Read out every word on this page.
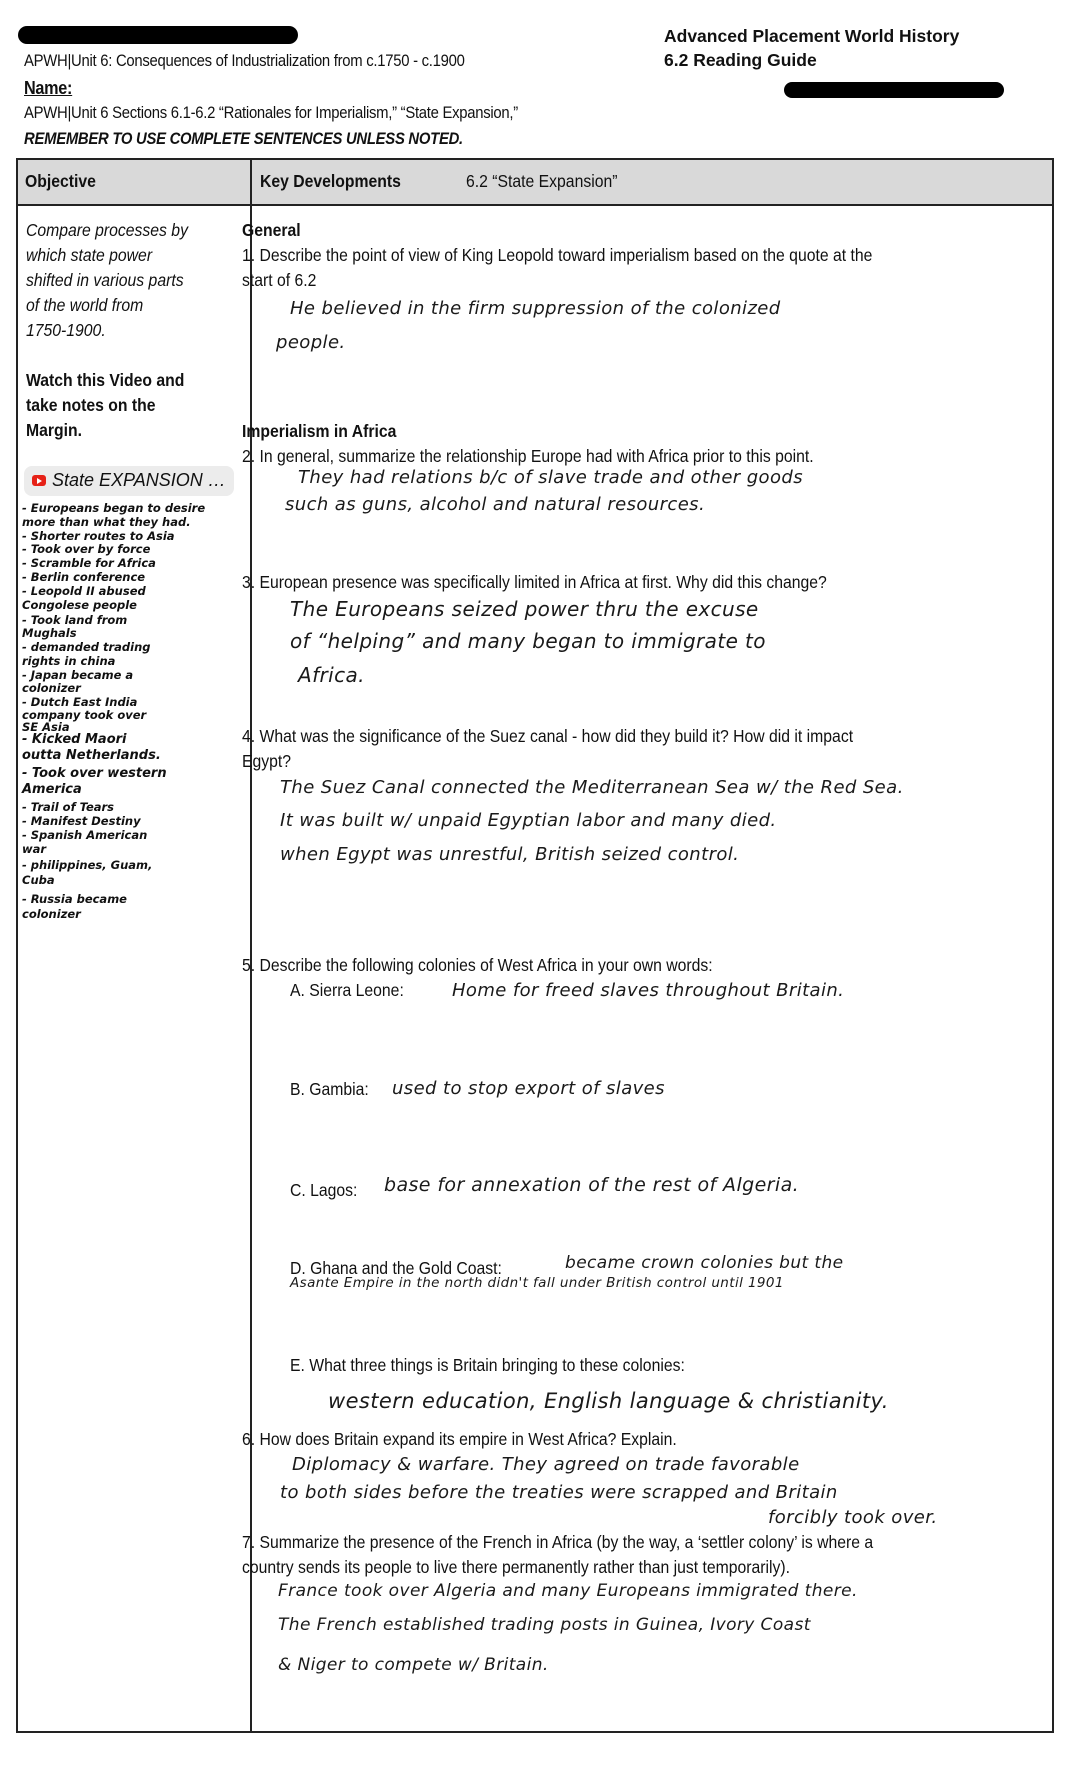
APWH|Unit 6: Consequences of Industrialization from c.1750 - c.1900
Name:
APWH|Unit 6 Sections 6.1-6.2 “Rationales for Imperialism,” “State Expansion,”
REMEMBER TO USE COMPLETE SENTENCES UNLESS NOTED.
Advanced Placement World History
6.2 Reading Guide
Objective	Key Developments	6.2 “State Expansion”
Compare processes by
which state power
shifted in various parts
of the world from
1750-1900.
Watch this Video and
take notes on the
Margin.
State EXPANSION …
- Europeans began to desire
more than what they had.
- Shorter routes to Asia
- Took over by force
- Scramble for Africa
- Berlin conference
- Leopold II abused
Congolese people
- Took land from
Mughals
- demanded trading
rights in china
- Japan became a
colonizer
- Dutch East India
company took over
SE Asia
- Kicked Maori
outta Netherlands.
- Took over western
America
- Trail of Tears
- Manifest Destiny
- Spanish American
war
- philippines, Guam,
Cuba
- Russia became
colonizer
General
1. Describe the point of view of King Leopold toward imperialism based on the quote at the
start of 6.2
He believed in the firm suppression of the colonized
people.
Imperialism in Africa
2. In general, summarize the relationship Europe had with Africa prior to this point.
They had relations b/c of slave trade and other goods
such as guns, alcohol and natural resources.
3. European presence was specifically limited in Africa at first. Why did this change?
The Europeans seized power thru the excuse
of “helping” and many began to immigrate to
Africa.
4. What was the significance of the Suez canal - how did they build it? How did it impact
Egypt?
The Suez Canal connected the Mediterranean Sea w/ the Red Sea.
It was built w/ unpaid Egyptian labor and many died.
when Egypt was unrestful, British seized control.
5. Describe the following colonies of West Africa in your own words:
A. Sierra Leone:	Home for freed slaves throughout Britain.
B. Gambia: used to stop export of slaves
C. Lagos: base for annexation of the rest of Algeria.
D. Ghana and the Gold Coast:	became crown colonies but the
Asante Empire in the north didn't fall under British control until 1901
E. What three things is Britain bringing to these colonies:
western education, English language & christianity.
6. How does Britain expand its empire in West Africa? Explain.
Diplomacy & warfare. They agreed on trade favorable
to both sides before the treaties were scrapped and Britain
forcibly took over.
7. Summarize the presence of the French in Africa (by the way, a ‘settler colony’ is where a
country sends its people to live there permanently rather than just temporarily).
France took over Algeria and many Europeans immigrated there.
The French established trading posts in Guinea, Ivory Coast
& Niger to compete w/ Britain.
